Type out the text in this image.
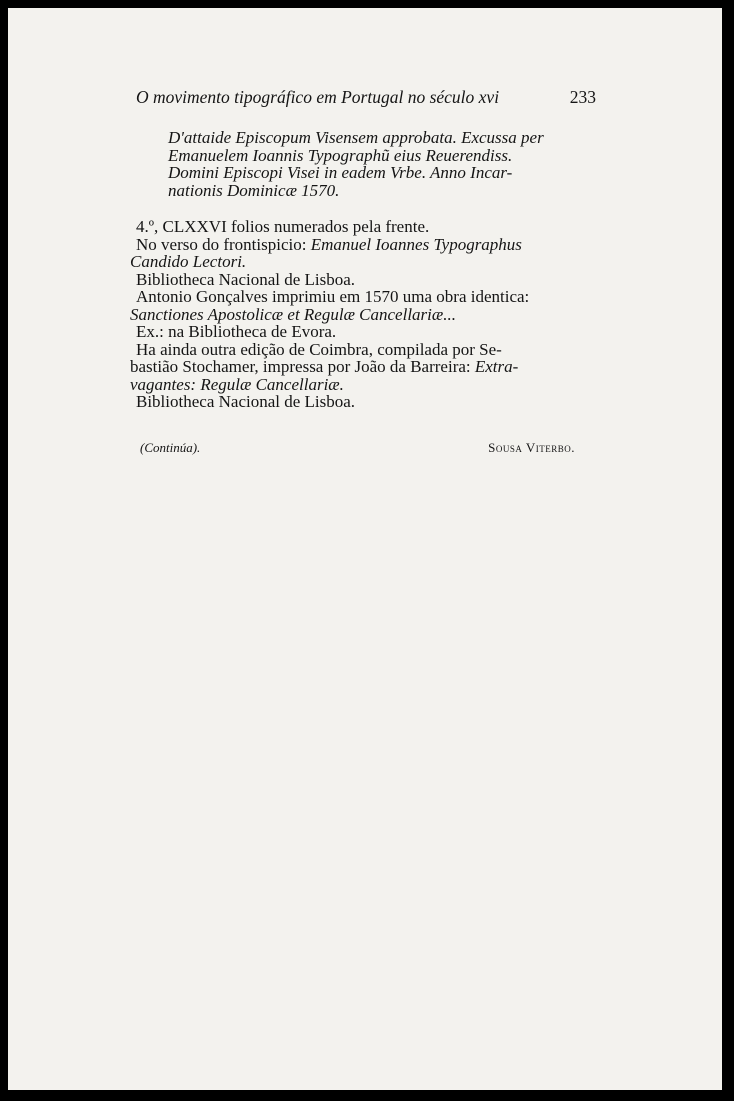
O movimento tipográfico em Portugal no século xvi	233
D'attaide Episcopum Visensem approbata. Excussa per
Emanuelem Ioannis Typographũ eius Reuerendiss.
Domini Episcopi Visei in eadem Vrbe. Anno Incar-
nationis Dominicæ 1570.
4.º, CLXXVI folios numerados pela frente.
No verso do frontispicio: Emanuel Ioannes Typographus
Candido Lectori.
Bibliotheca Nacional de Lisboa.
Antonio Gonçalves imprimiu em 1570 uma obra identica:
Sanctiones Apostolicæ et Regulæ Cancellariæ...
Ex.: na Bibliotheca de Evora.
Ha ainda outra edição de Coimbra, compilada por Se-
bastião Stochamer, impressa por João da Barreira: Extra-
vagantes: Regulæ Cancellariæ.
Bibliotheca Nacional de Lisboa.
(Continúa).	Sousa Viterbo.
